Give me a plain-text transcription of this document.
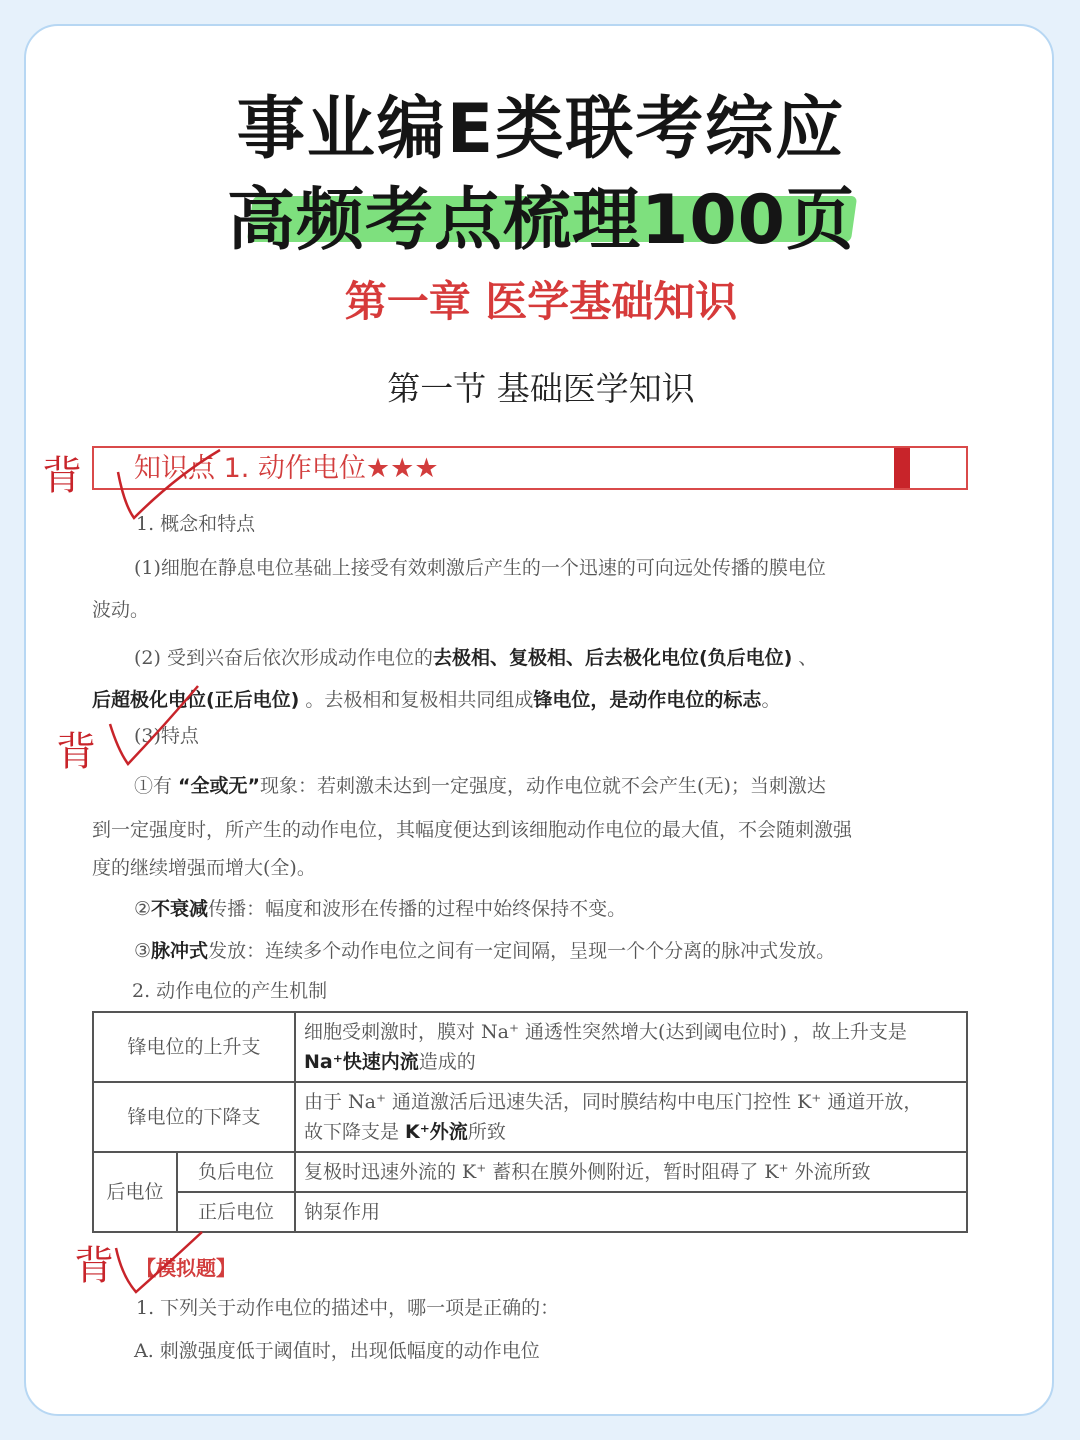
事业编E类联考综应
高频考点梳理100页
第一章 医学基础知识
第一节 基础医学知识
知识点 1. 动作电位★★★
1. 概念和特点
(1)细胞在静息电位基础上接受有效刺激后产生的一个迅速的可向远处传播的膜电位
波动。
(2) 受到兴奋后依次形成动作电位的去极相、复极相、后去极化电位(负后电位) 、
后超极化电位(正后电位) 。去极相和复极相共同组成锋电位，是动作电位的标志。
(3)特点
①有 “全或无”现象：若刺激未达到一定强度，动作电位就不会产生(无)；当刺激达
到一定强度时，所产生的动作电位，其幅度便达到该细胞动作电位的最大值，不会随刺激强
度的继续增强而增大(全)。
②不衰减传播：幅度和波形在传播的过程中始终保持不变。
③脉冲式发放：连续多个动作电位之间有一定间隔，呈现一个个分离的脉冲式发放。
2. 动作电位的产生机制
锋电位的上升支		细胞受刺激时，膜对 Na⁺ 通透性突然增大(达到阈电位时) ，故上升支是
Na⁺快速内流造成的
锋电位的下降支		由于 Na⁺ 通道激活后迅速失活，同时膜结构中电压门控性 K⁺ 通道开放，
故下降支是 K⁺外流所致
后电位	负后电位	复极时迅速外流的 K⁺ 蓄积在膜外侧附近，暂时阻碍了 K⁺ 外流所致
	正后电位	钠泵作用
【模拟题】
1. 下列关于动作电位的描述中，哪一项是正确的：
A. 刺激强度低于阈值时，出现低幅度的动作电位
背
背
背
